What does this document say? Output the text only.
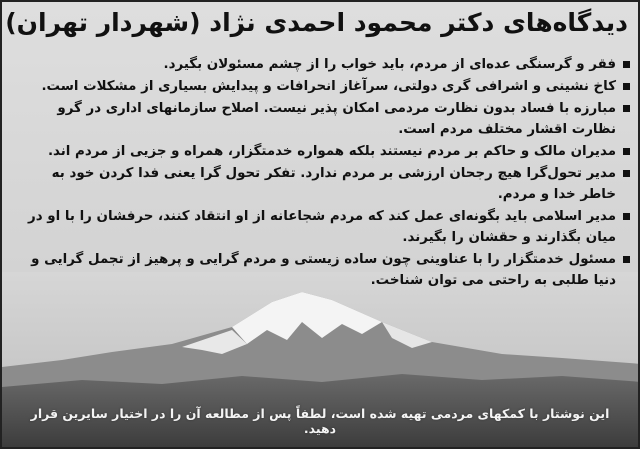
دیدگاه‌های دکتر محمود احمدی نژاد (شهردار تهران)
فقر و گرسنگی عده‌ای از مردم، باید خواب را از چشم مسئولان بگیرد.
کاخ نشینی و اشرافی گری دولتی، سرآغاز انحرافات و پیدایش بسیاری از مشکلات است.
مبارزه با فساد بدون نظارت مردمی امکان پذیر نیست. اصلاح سازمانهای اداری در گرو نظارت اقشار مختلف مردم است.
مدیران مالک و حاکم بر مردم نیستند بلکه همواره خدمتگزار، همراه و جزیی از مردم اند.
مدیر تحول‌گرا هیچ رجحان ارزشی بر مردم ندارد. تفکر تحول گرا یعنی فدا کردن خود به خاطر خدا و مردم.
مدیر اسلامی باید بگونه‌ای عمل کند که مردم شجاعانه از او انتقاد کنند، حرفشان را با او در میان بگذارند و حقشان را بگیرند.
مسئول خدمتگزار را با عناوینی چون ساده زیستی و مردم گرایی و پرهیز از تجمل گرایی و دنیا طلبی به راحتی می توان شناخت.
این نوشتار با کمکهای مردمی تهیه شده است، لطفاً پس از مطالعه آن را در اختیار سایرین قرار دهید.
